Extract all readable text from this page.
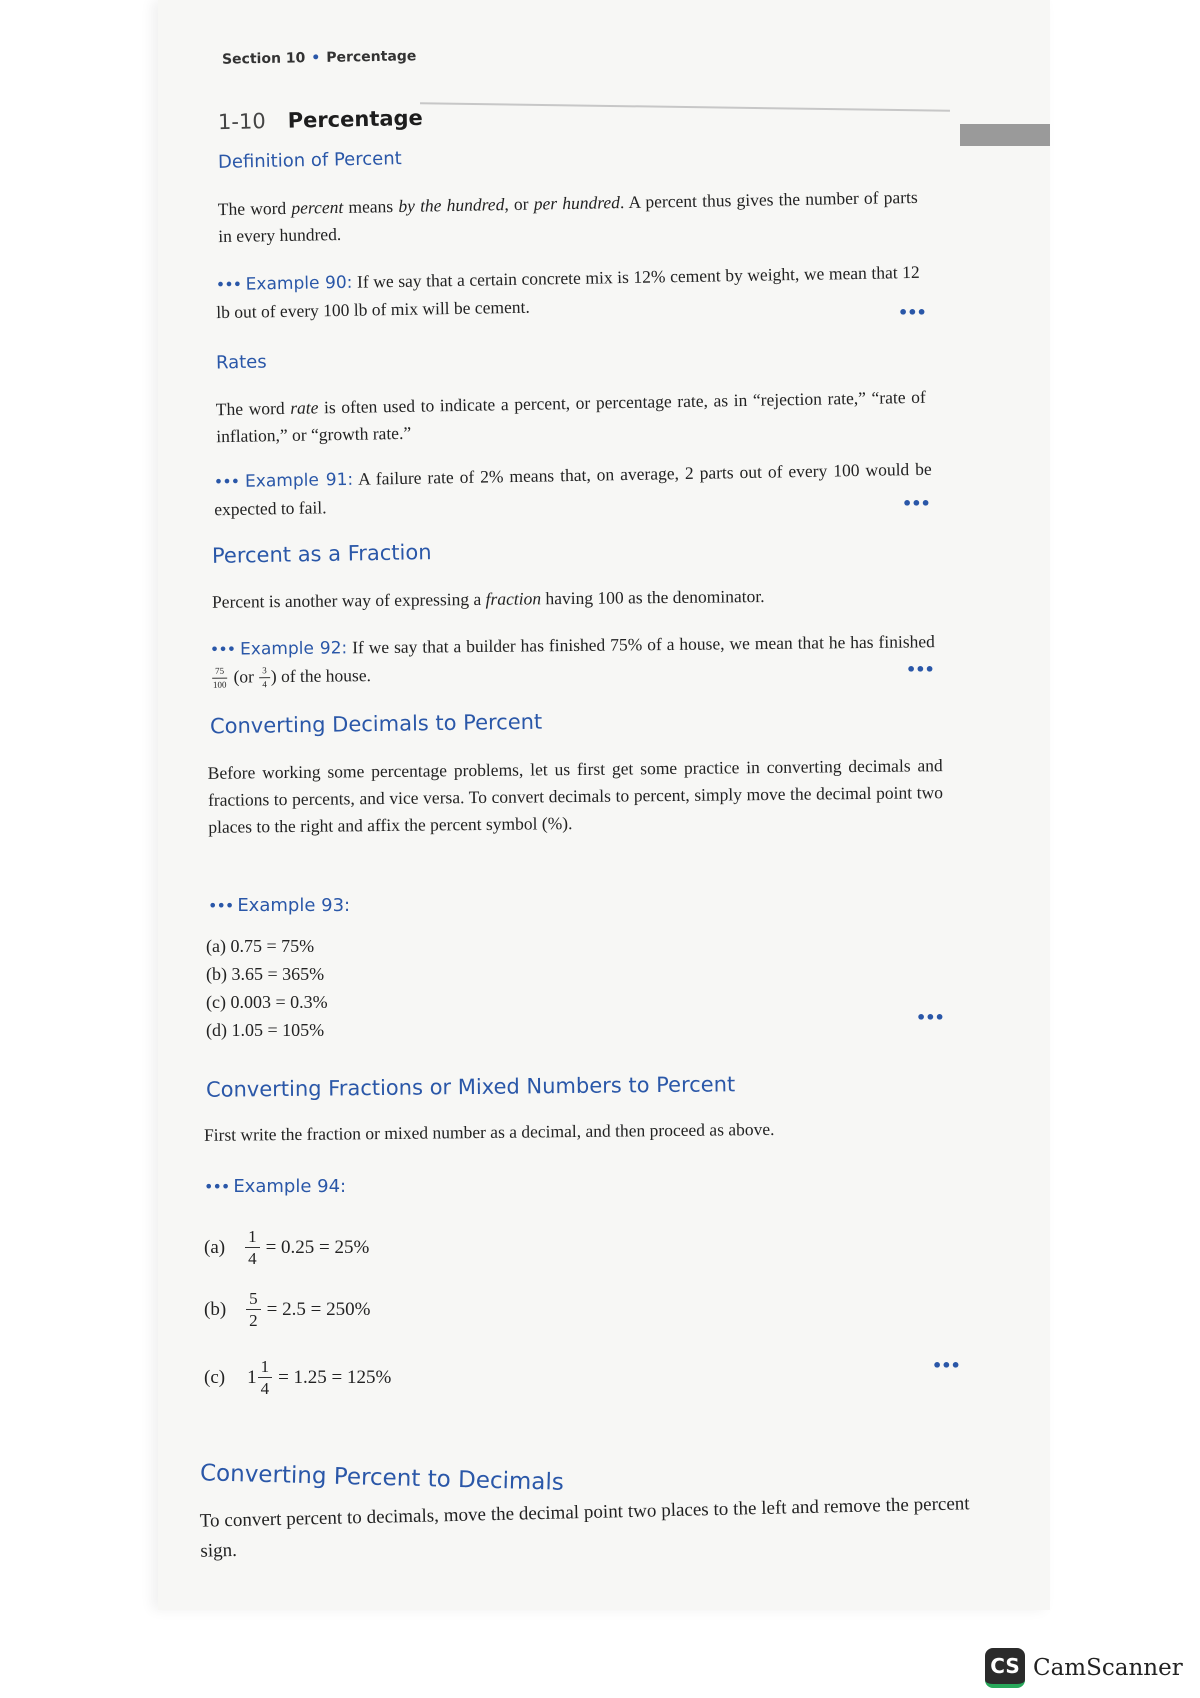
Section 10 • Percentage
1-10 Percentage
Definition of Percent
The word percent means by the hundred, or per hundred. A percent thus gives the number of parts in every hundred.
••• Example 90: If we say that a certain concrete mix is 12% cement by weight, we mean that 12 lb out of every 100 lb of mix will be cement.	•••
Rates
The word rate is often used to indicate a percent, or percentage rate, as in “rejection rate,” “rate of inflation,” or “growth rate.”
••• Example 91: A failure rate of 2% means that, on average, 2 parts out of every 100 would be expected to fail.	•••
Percent as a Fraction
Percent is another way of expressing a fraction having 100 as the denominator.
••• Example 92: If we say that a builder has finished 75% of a house, we mean that he has finished
$\frac{75}{100} (or \frac{3}{4}$ ) of the house.	•••
Converting Decimals to Percent
Before working some percentage problems, let us first get some practice in converting decimals and fractions to percents, and vice versa. To convert decimals to percent, simply move the decimal point two places to the right and affix the percent symbol (%).
••• Example 93:
(a) 0.75 = 75%
(b) 3.65 = 365%
(c) 0.003 = 0.3%
(d) 1.05 = 105%
•••
Converting Fractions or Mixed Numbers to Percent
First write the fraction or mixed number as a decimal, and then proceed as above.
••• Example 94:
$(a) \frac{1}{4} = 0.25 = 25\%$
$(b) \frac{5}{2} = 2.5 = 250\%$
(c) $1 \frac{1}{4} = 1.25 = 125\%$
•••
Converting Percent to Decimals
To convert percent to decimals, move the decimal point two places to the left and remove the percent sign.
CS CamScanner
